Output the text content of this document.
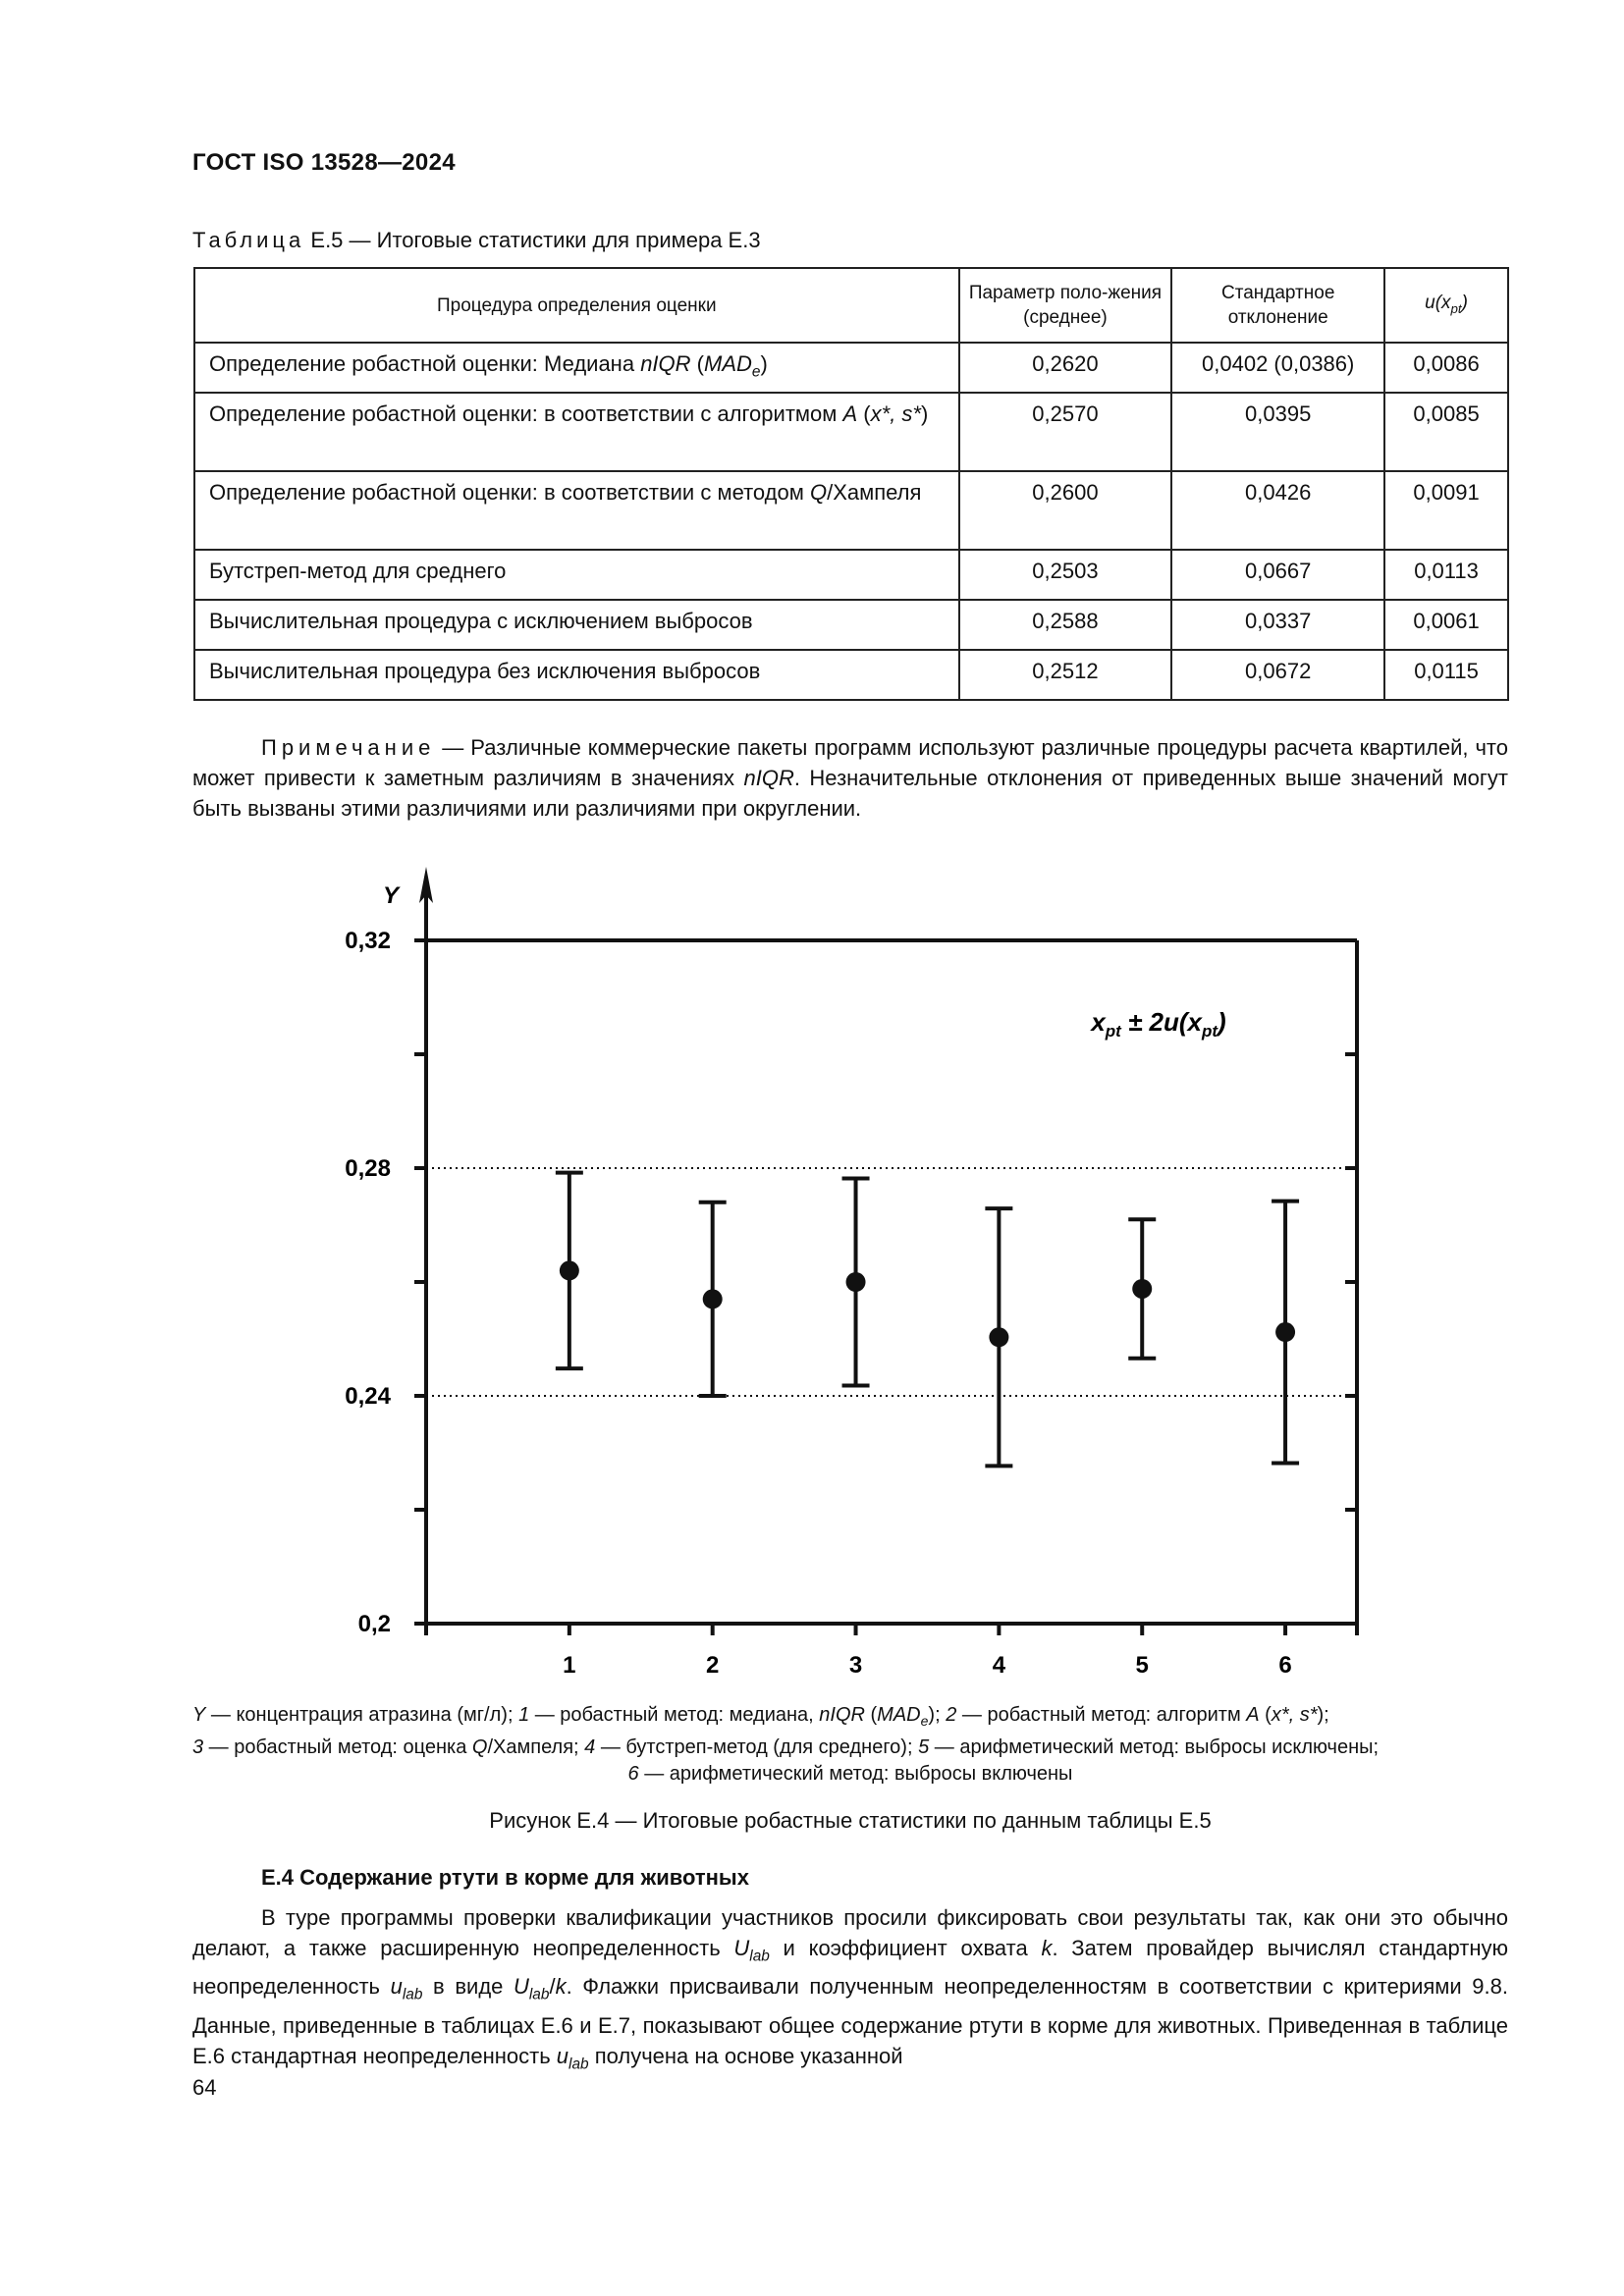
ГОСТ ISO 13528—2024
Таблица Е.5 — Итоговые статистики для примера Е.3
Процедура определения оценки	Параметр поло-жения (среднее)	Стандартное отклонение	$u(x_{pt})$
Определение робастной оценки: Медиана nIQR $(MAD_e)$	0,2620	0,0402 (0,0386)	0,0086
Определение робастной оценки: в соответствии с алгоритмом A (x*, s*)	0,2570	0,0395	0,0085
Определение робастной оценки: в соответствии с методом Q/Хампеля	0,2600	0,0426	0,0091
Бутстреп-метод для среднего	0,2503	0,0667	0,0113
Вычислительная процедура с исключением выбросов	0,2588	0,0337	0,0061
Вычислительная процедура без исключения выбросов	0,2512	0,0672	0,0115
Примечание — Различные коммерческие пакеты программ используют различные процедуры расчета квартилей, что может привести к заметным различиям в значениях nIQR. Незначительные отклонения от приведенных выше значений могут быть вызваны этими различиями или различиями при округлении.
Y
$x_{pt} \pm 2u(x_{pt})$
0,2
0,24
0,28
0,32
1	2	3	4	5	6
Y — концентрация атразина (мг/л); 1 — робастный метод: медиана, nIQR $(MAD_e)$; 2 — робастный метод: алгоритм A (x*, s*);
3 — робастный метод: оценка Q/Хампеля; 4 — бутстреп-метод (для среднего); 5 — арифметический метод: выбросы исключены;
6 — арифметический метод: выбросы включены
Рисунок Е.4 — Итоговые робастные статистики по данным таблицы Е.5
Е.4 Содержание ртути в корме для животных
В туре программы проверки квалификации участников просили фиксировать свои результаты так, как они это обычно делают, а также расширенную неопределенность $U_{lab}$ и коэффициент охвата k. Затем провайдер вычислял стандартную неопределенность $u_{lab}$ в виде $U_{lab}/k$. Флажки присваивали полученным неопределенностям в соответствии с критериями 9.8. Данные, приведенные в таблицах Е.6 и Е.7, показывают общее содержание ртути в корме для животных. Приведенная в таблице Е.6 стандартная неопределенность $u_{lab}$ получена на основе указанной
64
